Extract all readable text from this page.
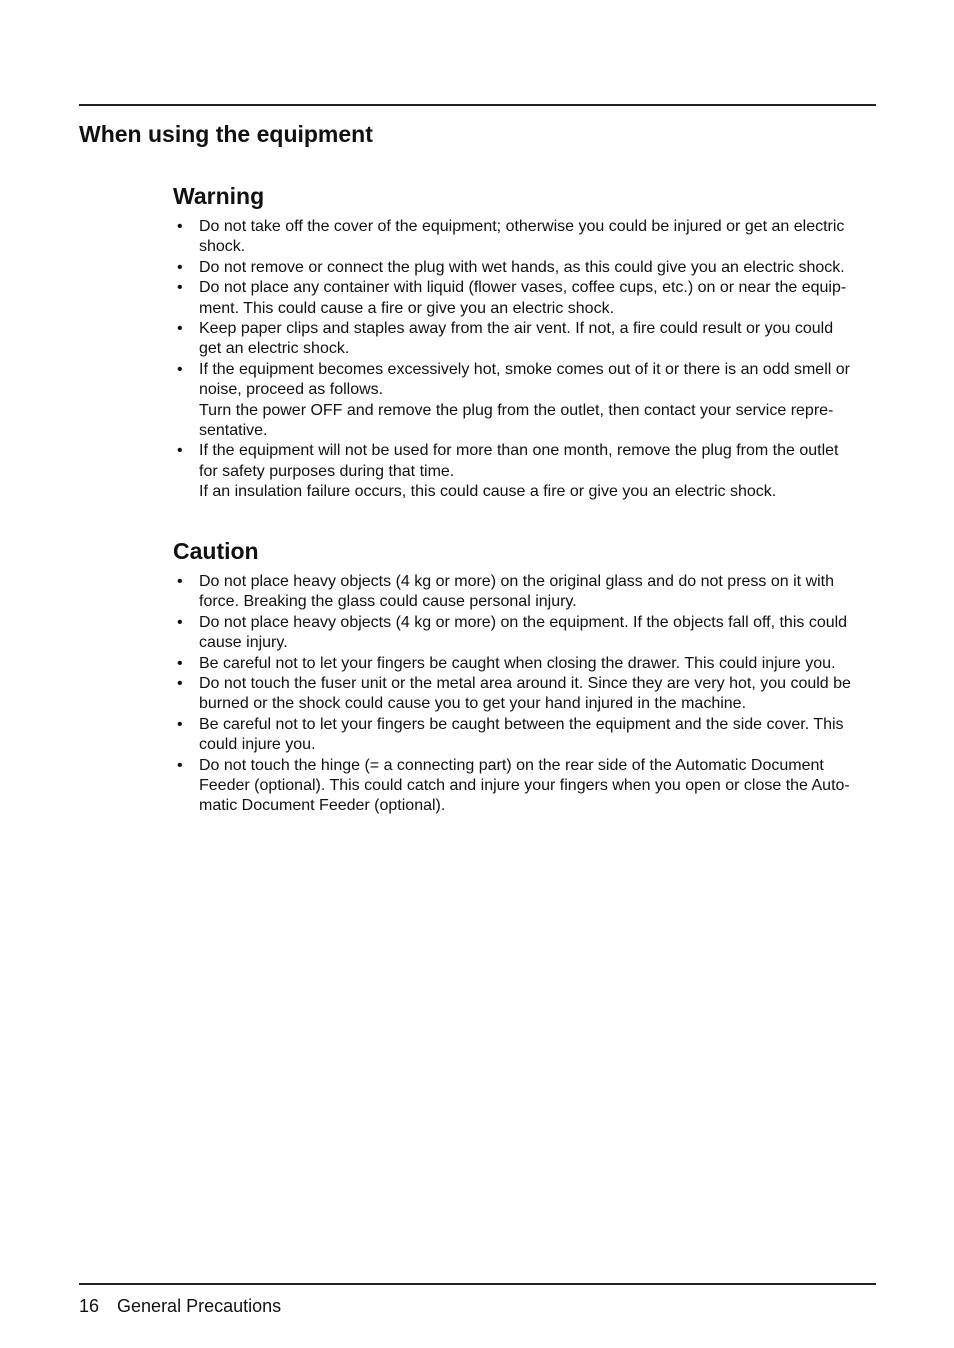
When using the equipment
Warning
• Do not take off the cover of the equipment; otherwise you could be injured or get an electric
shock.
• Do not remove or connect the plug with wet hands, as this could give you an electric shock.
• Do not place any container with liquid (flower vases, coffee cups, etc.) on or near the equip-
ment. This could cause a fire or give you an electric shock.
• Keep paper clips and staples away from the air vent. If not, a fire could result or you could
get an electric shock.
• If the equipment becomes excessively hot, smoke comes out of it or there is an odd smell or
noise, proceed as follows.
Turn the power OFF and remove the plug from the outlet, then contact your service repre-
sentative.
• If the equipment will not be used for more than one month, remove the plug from the outlet
for safety purposes during that time.
If an insulation failure occurs, this could cause a fire or give you an electric shock.
Caution
• Do not place heavy objects (4 kg or more) on the original glass and do not press on it with
force. Breaking the glass could cause personal injury.
• Do not place heavy objects (4 kg or more) on the equipment. If the objects fall off, this could
cause injury.
• Be careful not to let your fingers be caught when closing the drawer. This could injure you.
• Do not touch the fuser unit or the metal area around it. Since they are very hot, you could be
burned or the shock could cause you to get your hand injured in the machine.
• Be careful not to let your fingers be caught between the equipment and the side cover. This
could injure you.
• Do not touch the hinge (= a connecting part) on the rear side of the Automatic Document
Feeder (optional). This could catch and injure your fingers when you open or close the Auto-
matic Document Feeder (optional).
16 General Precautions
